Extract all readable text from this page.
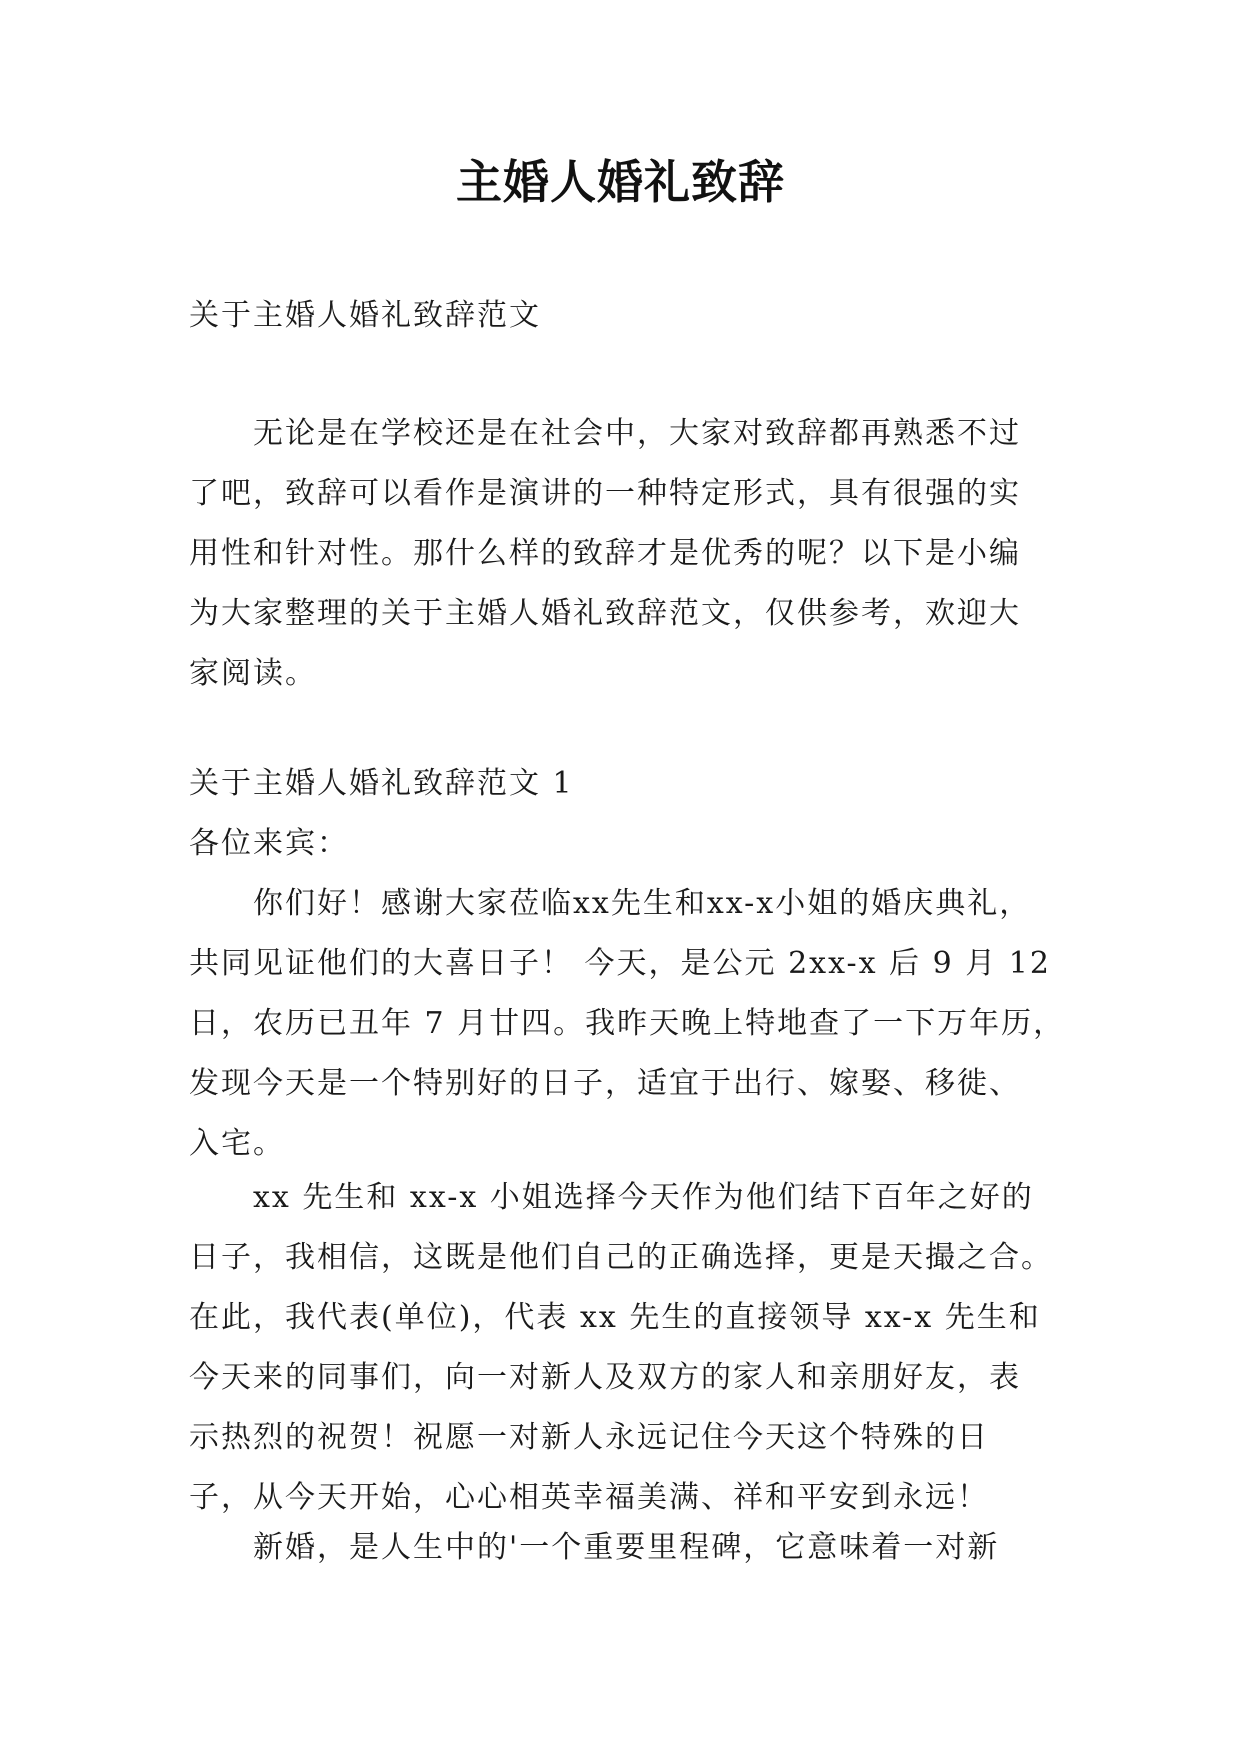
主婚人婚礼致辞
关于主婚人婚礼致辞范文
无论是在学校还是在社会中，大家对致辞都再熟悉不过
了吧，致辞可以看作是演讲的一种特定形式，具有很强的实
用性和针对性。那什么样的致辞才是优秀的呢？以下是小编
为大家整理的关于主婚人婚礼致辞范文，仅供参考，欢迎大
家阅读。
关于主婚人婚礼致辞范文 1
各位来宾：
你们好！感谢大家莅临xx先生和xx-x小姐的婚庆典礼，
共同见证他们的大喜日子！ 今天，是公元 2xx-x 后 9 月 12
日，农历已丑年 7 月廿四。我昨天晚上特地查了一下万年历，
发现今天是一个特别好的日子，适宜于出行、嫁娶、移徙、
入宅。
xx 先生和 xx-x 小姐选择今天作为他们结下百年之好的
日子，我相信，这既是他们自己的正确选择，更是天撮之合。
在此，我代表(单位)，代表 xx 先生的直接领导 xx-x 先生和
今天来的同事们，向一对新人及双方的家人和亲朋好友，表
示热烈的祝贺！祝愿一对新人永远记住今天这个特殊的日
子，从今天开始，心心相英幸福美满、祥和平安到永远！
新婚，是人生中的'一个重要里程碑，它意味着一对新
